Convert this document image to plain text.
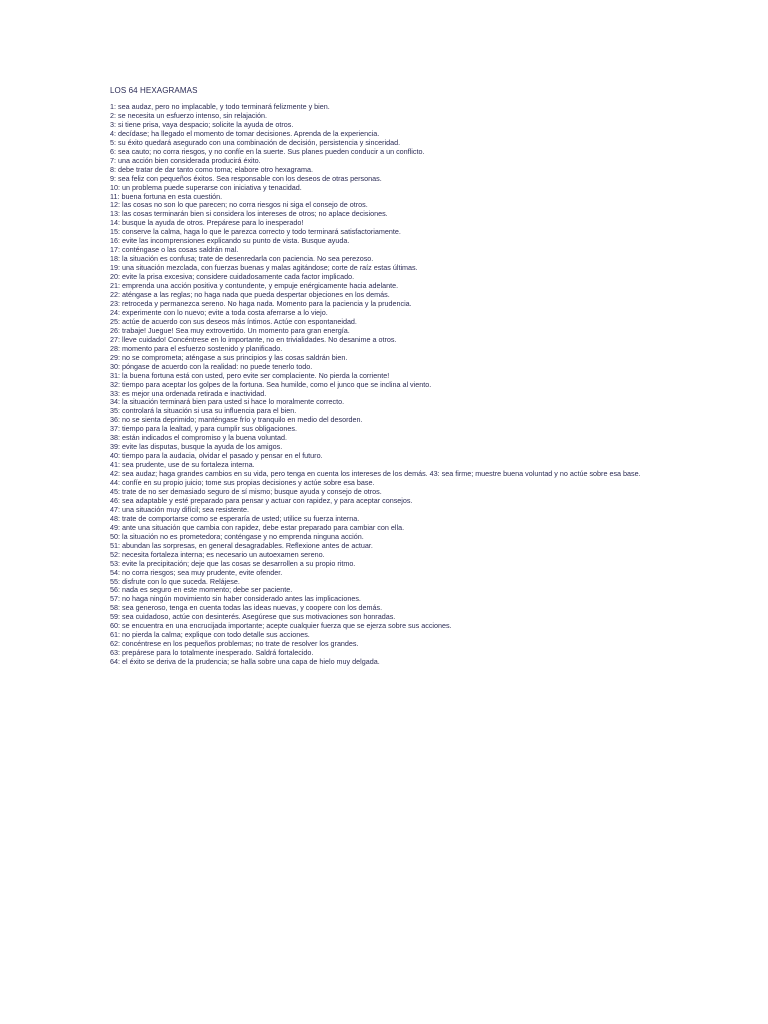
LOS 64 HEXAGRAMAS
1: sea audaz, pero no implacable, y todo terminará felizmente y bien.
2: se necesita un esfuerzo intenso, sin relajación.
3: si tiene prisa, vaya despacio; solicite la ayuda de otros.
4: decídase; ha llegado el momento de tomar decisiones. Aprenda de la experiencia.
5: su éxito quedará asegurado con una combinación de decisión, persistencia y sinceridad.
6: sea cauto; no corra riesgos, y no confíe en la suerte. Sus planes pueden conducir a un conflicto.
7: una acción bien considerada producirá éxito.
8: debe tratar de dar tanto como toma; elabore otro hexagrama.
9: sea feliz con pequeños éxitos. Sea responsable con los deseos de otras personas.
10: un problema puede superarse con iniciativa y tenacidad.
11: buena fortuna en esta cuestión.
12: las cosas no son lo que parecen; no corra riesgos ni siga el consejo de otros.
13: las cosas terminarán bien si considera los intereses de otros; no aplace decisiones.
14: busque la ayuda de otros. Prepárese para lo inesperado!
15: conserve la calma, haga lo que le parezca correcto y todo terminará satisfactoriamente.
16: evite las incomprensiones explicando su punto de vista. Busque ayuda.
17: conténgase o las cosas saldrán mal.
18: la situación es confusa; trate de desenredarla con paciencia. No sea perezoso.
19: una situación mezclada, con fuerzas buenas y malas agitándose; corte de raíz estas últimas.
20: evite la prisa excesiva; considere cuidadosamente cada factor implicado.
21: emprenda una acción positiva y contundente, y empuje enérgicamente hacia adelante.
22: aténgase a las reglas; no haga nada que pueda despertar objeciones en los demás.
23: retroceda y permanezca sereno. No haga nada. Momento para la paciencia y la prudencia.
24: experimente con lo nuevo; evite a toda costa aferrarse a lo viejo.
25: actúe de acuerdo con sus deseos más íntimos. Actúe con espontaneidad.
26: trabaje! Juegue! Sea muy extrovertido. Un momento para gran energía.
27: lleve cuidado! Concéntrese en lo importante, no en trivialidades. No desanime a otros.
28: momento para el esfuerzo sostenido y planificado.
29: no se comprometa; aténgase a sus principios y las cosas saldrán bien.
30: póngase de acuerdo con la realidad: no puede tenerlo todo.
31: la buena fortuna está con usted, pero evite ser complaciente. No pierda la corriente!
32: tiempo para aceptar los golpes de la fortuna. Sea humilde, como el junco que se inclina al viento.
33: es mejor una ordenada retirada e inactividad.
34: la situación terminará bien para usted si hace lo moralmente correcto.
35: controlará la situación si usa su influencia para el bien.
36: no se sienta deprimido; manténgase frío y tranquilo en medio del desorden.
37: tiempo para la lealtad, y para cumplir sus obligaciones.
38: están indicados el compromiso y la buena voluntad.
39: evite las disputas, busque la ayuda de los amigos.
40: tiempo para la audacia, olvidar el pasado y pensar en el futuro.
41: sea prudente, use de su fortaleza interna.
42: sea audaz; haga grandes cambios en su vida, pero tenga en cuenta los intereses de los demás. 43: sea firme; muestre buena voluntad y no actúe sobre esa base.
44: confíe en su propio juicio; tome sus propias decisiones y actúe sobre esa base.
45: trate de no ser demasiado seguro de sí mismo; busque ayuda y consejo de otros.
46: sea adaptable y esté preparado para pensar y actuar con rapidez, y para aceptar consejos.
47: una situación muy difícil; sea resistente.
48: trate de comportarse como se esperaría de usted; utilice su fuerza interna.
49: ante una situación que cambia con rapidez, debe estar preparado para cambiar con ella.
50: la situación no es prometedora; conténgase y no emprenda ninguna acción.
51: abundan las sorpresas, en general desagradables. Reflexione antes de actuar.
52: necesita fortaleza interna; es necesario un autoexamen sereno.
53: evite la precipitación; deje que las cosas se desarrollen a su propio ritmo.
54: no corra riesgos; sea muy prudente, evite ofender.
55: disfrute con lo que suceda. Relájese.
56: nada es seguro en este momento; debe ser paciente.
57: no haga ningún movimiento sin haber considerado antes las implicaciones.
58: sea generoso, tenga en cuenta todas las ideas nuevas, y coopere con los demás.
59: sea cuidadoso, actúe con desinterés. Asegúrese que sus motivaciones son honradas.
60: se encuentra en una encrucijada importante; acepte cualquier fuerza que se ejerza sobre sus acciones.
61: no pierda la calma; explique con todo detalle sus acciones.
62: concéntrese en los pequeños problemas; no trate de resolver los grandes.
63: prepárese para lo totalmente inesperado. Saldrá fortalecido.
64: el éxito se deriva de la prudencia; se halla sobre una capa de hielo muy delgada.
